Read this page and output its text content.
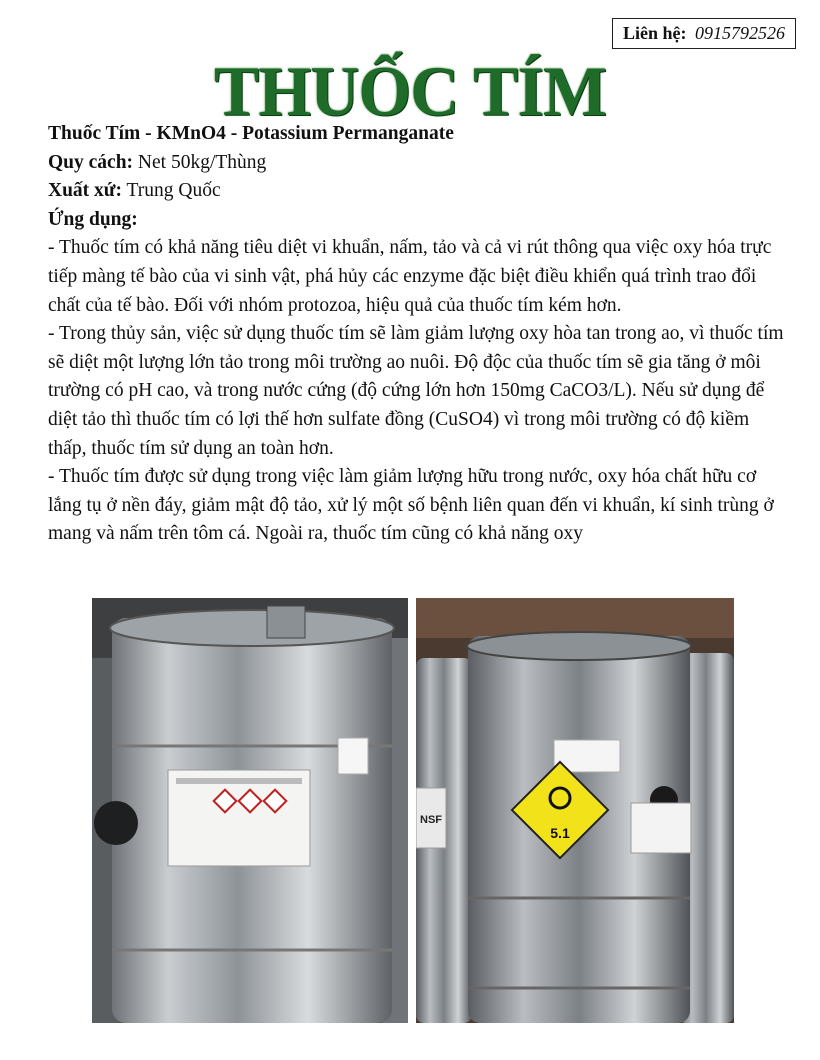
Liên hệ: 0915792526
THUỐC TÍM

Thuốc Tím - KMnO4 - Potassium Permanganate

Quy cách: Net 50kg/Thùng

Xuất xứ: Trung Quốc

Ứng dụng:

- Thuốc tím có khả năng tiêu diệt vi khuẩn, nấm, tảo và cả vi rút thông qua việc oxy hóa trực tiếp màng tế bào của vi sinh vật, phá hủy các enzyme đặc biệt điều khiển quá trình trao đổi chất của tế bào. Đối với nhóm protozoa, hiệu quả của thuốc tím kém hơn.

- Trong thủy sản, việc sử dụng thuốc tím sẽ làm giảm lượng oxy hòa tan trong ao, vì thuốc tím sẽ diệt một lượng lớn tảo trong môi trường ao nuôi. Độ độc của thuốc tím sẽ gia tăng ở môi trường có pH cao, và trong nước cứng (độ cứng lớn hơn 150mg CaCO3/L). Nếu sử dụng để diệt tảo thì thuốc tím có lợi thế hơn sulfate đồng (CuSO4) vì trong môi trường có độ kiềm thấp, thuốc tím sử dụng an toàn hơn.

- Thuốc tím được sử dụng trong việc làm giảm lượng hữu trong nước, oxy hóa chất hữu cơ lắng tụ ở nền đáy, giảm mật độ tảo, xử lý một số bệnh liên quan đến vi khuẩn, kí sinh trùng ở mang và nấm trên tôm cá. Ngoài ra, thuốc tím cũng có khả năng oxy

5.1
NSF
